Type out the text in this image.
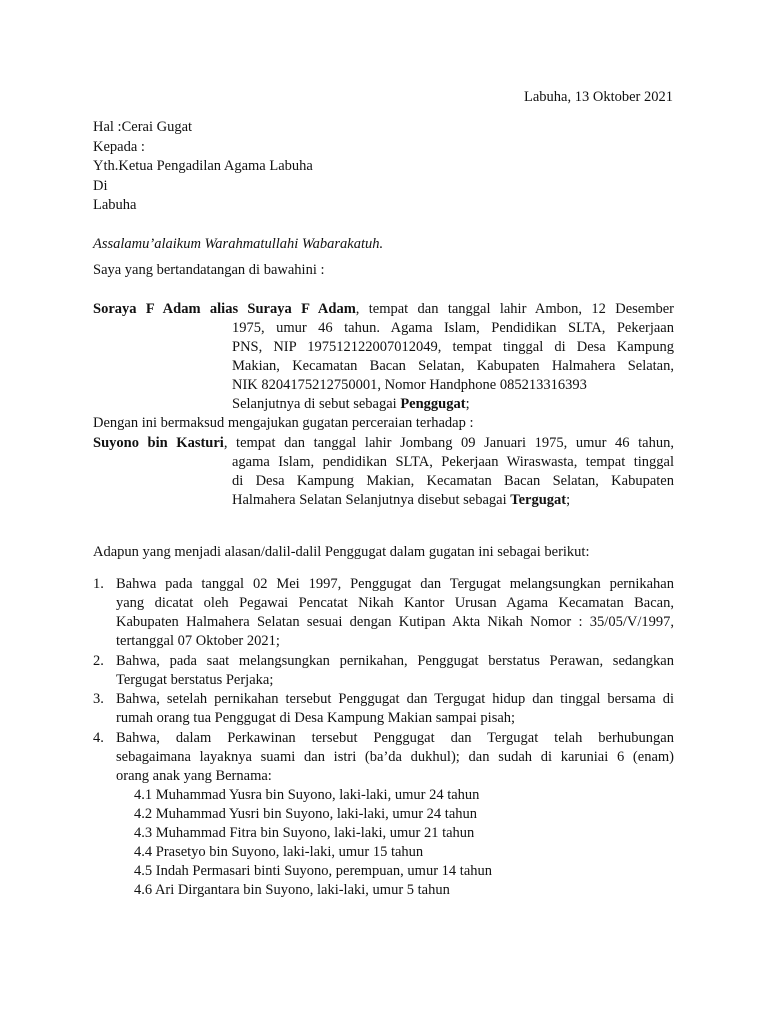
Labuha, 13 Oktober 2021
Hal :Cerai Gugat
Kepada :
Yth.Ketua Pengadilan Agama Labuha
Di
Labuha
Assalamu’alaikum Warahmatullahi Wabarakatuh.
Saya yang bertandatangan di bawahini :
Soraya F Adam alias Suraya F Adam, tempat dan tanggal lahir Ambon, 12 Desember
1975, umur 46 tahun. Agama Islam, Pendidikan SLTA, Pekerjaan
PNS, NIP 197512122007012049, tempat tinggal di Desa Kampung
Makian, Kecamatan Bacan Selatan, Kabupaten Halmahera Selatan,
NIK 8204175212750001, Nomor Handphone 085213316393
Selanjutnya di sebut sebagai Penggugat;
Dengan ini bermaksud mengajukan gugatan perceraian terhadap :
Suyono bin Kasturi, tempat dan tanggal lahir Jombang 09 Januari 1975, umur 46 tahun,
agama Islam, pendidikan SLTA, Pekerjaan Wiraswasta, tempat tinggal
di Desa Kampung Makian, Kecamatan Bacan Selatan, Kabupaten
Halmahera Selatan Selanjutnya disebut sebagai Tergugat;
Adapun yang menjadi alasan/dalil-dalil Penggugat dalam gugatan ini sebagai berikut:
1. Bahwa pada tanggal 02 Mei 1997, Penggugat dan Tergugat melangsungkan pernikahan
yang dicatat oleh Pegawai Pencatat Nikah Kantor Urusan Agama Kecamatan Bacan,
Kabupaten Halmahera Selatan sesuai dengan Kutipan Akta Nikah Nomor : 35/05/V/1997,
tertanggal 07 Oktober 2021;
2. Bahwa, pada saat melangsungkan pernikahan, Penggugat berstatus Perawan, sedangkan
Tergugat berstatus Perjaka;
3. Bahwa, setelah pernikahan tersebut Penggugat dan Tergugat hidup dan tinggal bersama di
rumah orang tua Penggugat di Desa Kampung Makian sampai pisah;
4. Bahwa, dalam Perkawinan tersebut Penggugat dan Tergugat telah berhubungan
sebagaimana layaknya suami dan istri (ba’da dukhul); dan sudah di karuniai 6 (enam)
orang anak yang Bernama:
4.1 Muhammad Yusra bin Suyono, laki-laki, umur 24 tahun
4.2 Muhammad Yusri bin Suyono, laki-laki, umur 24 tahun
4.3 Muhammad Fitra bin Suyono, laki-laki, umur 21 tahun
4.4 Prasetyo bin Suyono, laki-laki, umur 15 tahun
4.5 Indah Permasari binti Suyono, perempuan, umur 14 tahun
4.6 Ari Dirgantara bin Suyono, laki-laki, umur 5 tahun
